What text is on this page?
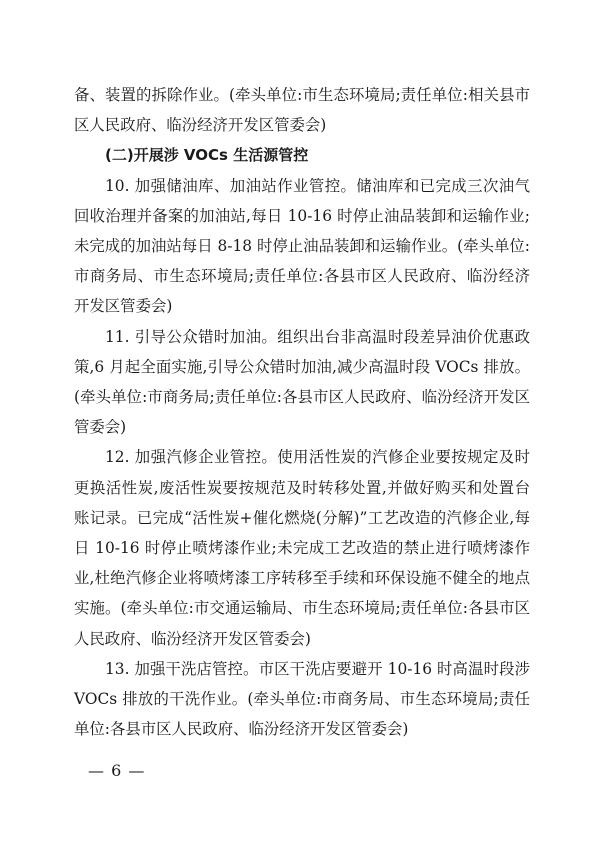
备、装置的拆除作业。(牵头单位:市生态环境局;责任单位:相关县市区人民政府、临汾经济开发区管委会)

(二)开展涉 VOCs 生活源管控

10. 加强储油库、加油站作业管控。储油库和已完成三次油气回收治理并备案的加油站,每日 10-16 时停止油品装卸和运输作业;未完成的加油站每日 8-18 时停止油品装卸和运输作业。(牵头单位:市商务局、市生态环境局;责任单位:各县市区人民政府、临汾经济开发区管委会)

11. 引导公众错时加油。组织出台非高温时段差异油价优惠政策,6 月起全面实施,引导公众错时加油,减少高温时段 VOCs 排放。(牵头单位:市商务局;责任单位:各县市区人民政府、临汾经济开发区管委会)

12. 加强汽修企业管控。使用活性炭的汽修企业要按规定及时更换活性炭,废活性炭要按规范及时转移处置,并做好购买和处置台账记录。已完成“活性炭+催化燃烧(分解)”工艺改造的汽修企业,每日 10-16 时停止喷烤漆作业;未完成工艺改造的禁止进行喷烤漆作业,杜绝汽修企业将喷烤漆工序转移至手续和环保设施不健全的地点实施。(牵头单位:市交通运输局、市生态环境局;责任单位:各县市区人民政府、临汾经济开发区管委会)

13. 加强干洗店管控。市区干洗店要避开 10-16 时高温时段涉 VOCs 排放的干洗作业。(牵头单位:市商务局、市生态环境局;责任单位:各县市区人民政府、临汾经济开发区管委会)

— 6 —
